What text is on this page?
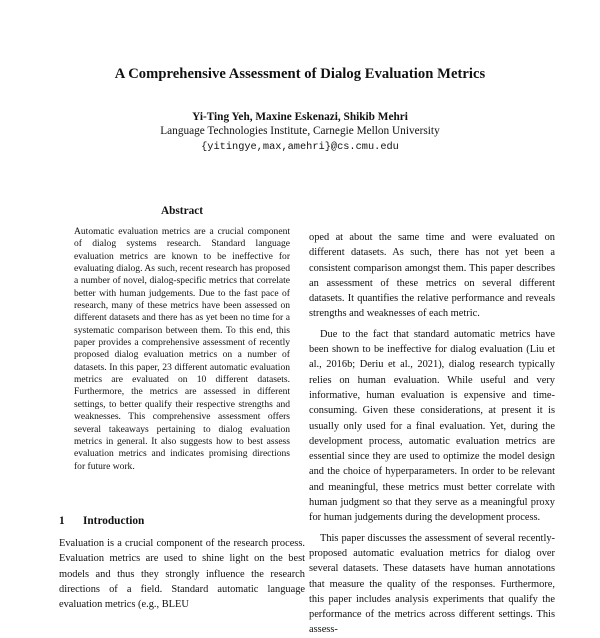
A Comprehensive Assessment of Dialog Evaluation Metrics
Yi-Ting Yeh, Maxine Eskenazi, Shikib Mehri
Language Technologies Institute, Carnegie Mellon University
{yitingye,max,amehri}@cs.cmu.edu
Abstract
Automatic evaluation metrics are a crucial component of dialog systems research. Standard language evaluation metrics are known to be ineffective for evaluating dialog. As such, recent research has proposed a number of novel, dialog-specific metrics that correlate better with human judgements. Due to the fast pace of research, many of these metrics have been assessed on different datasets and there has as yet been no time for a systematic comparison between them. To this end, this paper provides a comprehensive assessment of recently proposed dialog evaluation metrics on a number of datasets. In this paper, 23 different automatic evaluation metrics are evaluated on 10 different datasets. Furthermore, the metrics are assessed in different settings, to better qualify their respective strengths and weaknesses. This comprehensive assessment offers several takeaways pertaining to dialog evaluation metrics in general. It also suggests how to best assess evaluation metrics and indicates promising directions for future work.
1 Introduction
Evaluation is a crucial component of the research process. Evaluation metrics are used to shine light on the best models and thus they strongly influence the research directions of a field. Standard automatic language evaluation metrics (e.g., BLEU

oped at about the same time and were evaluated on different datasets. As such, there has not yet been a consistent comparison amongst them. This paper describes an assessment of these metrics on several different datasets. It quantifies the relative performance and reveals strengths and weaknesses of each metric.

Due to the fact that standard automatic metrics have been shown to be ineffective for dialog evaluation (Liu et al., 2016b; Deriu et al., 2021), dialog research typically relies on human evaluation. While useful and very informative, human evaluation is expensive and time-consuming. Given these considerations, at present it is usually only used for a final evaluation. Yet, during the development process, automatic evaluation metrics are essential since they are used to optimize the model design and the choice of hyperparameters. In order to be relevant and meaningful, these metrics must better correlate with human judgment so that they serve as a meaningful proxy for human judgements during the development process.

This paper discusses the assessment of several recently-proposed automatic evaluation metrics for dialog over several datasets. These datasets have human annotations that measure the quality of the responses. Furthermore, this paper includes analysis experiments that qualify the performance of the metrics across different settings. This assess-
